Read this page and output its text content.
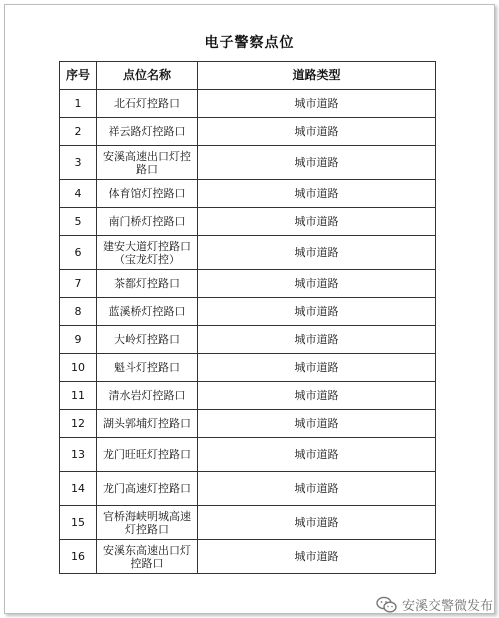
电子警察点位
序号	点位名称	道路类型
1	北石灯控路口	城市道路
2	祥云路灯控路口	城市道路
3	安溪高速出口灯控路口	城市道路
4	体育馆灯控路口	城市道路
5	南门桥灯控路口	城市道路
6	建安大道灯控路口（宝龙灯控）	城市道路
7	茶都灯控路口	城市道路
8	蓝溪桥灯控路口	城市道路
9	大岭灯控路口	城市道路
10	魁斗灯控路口	城市道路
11	清水岩灯控路口	城市道路
12	湖头郭埔灯控路口	城市道路
13	龙门旺旺灯控路口	城市道路
14	龙门高速灯控路口	城市道路
15	官桥海峡明城高速灯控路口	城市道路
16	安溪东高速出口灯控路口	城市道路
安溪交警微发布
